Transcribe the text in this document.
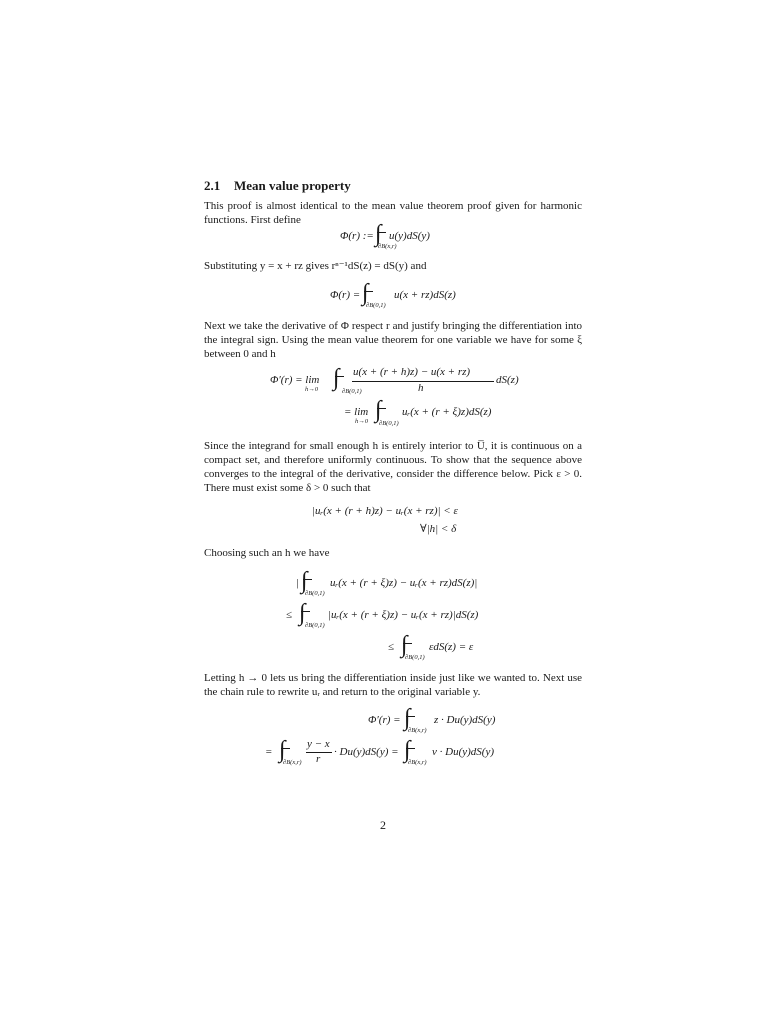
2.1 Mean value property
This proof is almost identical to the mean value theorem proof given for harmonic functions. First define
Φ(r) := ∫ u(y)dS(y)
∂B(x,r)
Substituting y = x + rz gives rⁿ⁻¹dS(z) = dS(y) and
Φ(r) = ∫	u(x + rz)dS(z)
∂B(0,1)
Next we take the derivative of Φ respect r and justify bringing the differentiation into the integral sign. Using the mean value theorem for one variable we have for some ξ between 0 and h
Φ′(r) = lim
h→0
∫	∂B(0,1)
u(x + (r + h)z) − u(x + rz)
h
dS(z)
= lim
h→0
∫ ∂B(0,1)
uᵣ(x + (r + ξ)z)dS(z)
Since the integrand for small enough h is entirely interior to U̅, it is continuous on a compact set, and therefore uniformly continuous. To show that the sequence above converges to the integral of the derivative, consider the difference below. Pick ε > 0. There must exist some δ > 0 such that
|uᵣ(x + (r + h)z) − uᵣ(x + rz)| < ε
∀|h| < δ
Choosing such an h we have
|
∫
∂B(0,1)
uᵣ(x + (r + ξ)z) − uᵣ(x + rz)dS(z)|
≤
∫
∂B(0,1)
|uᵣ(x + (r + ξ)z) − uᵣ(x + rz)|dS(z)
≤
∫
∂B(0,1)
εdS(z) = ε
Letting h → 0 lets us bring the differentiation inside just like we wanted to. Next use the chain rule to rewrite uᵣ and return to the original variable y.
Φ′(r) =
∫
∂B(x,r)
z · Du(y)dS(y)
=
∫
∂B(x,r)
y − x
r
· Du(y)dS(y) =
∫
∂B(x,r)
ν · Du(y)dS(y)
2
